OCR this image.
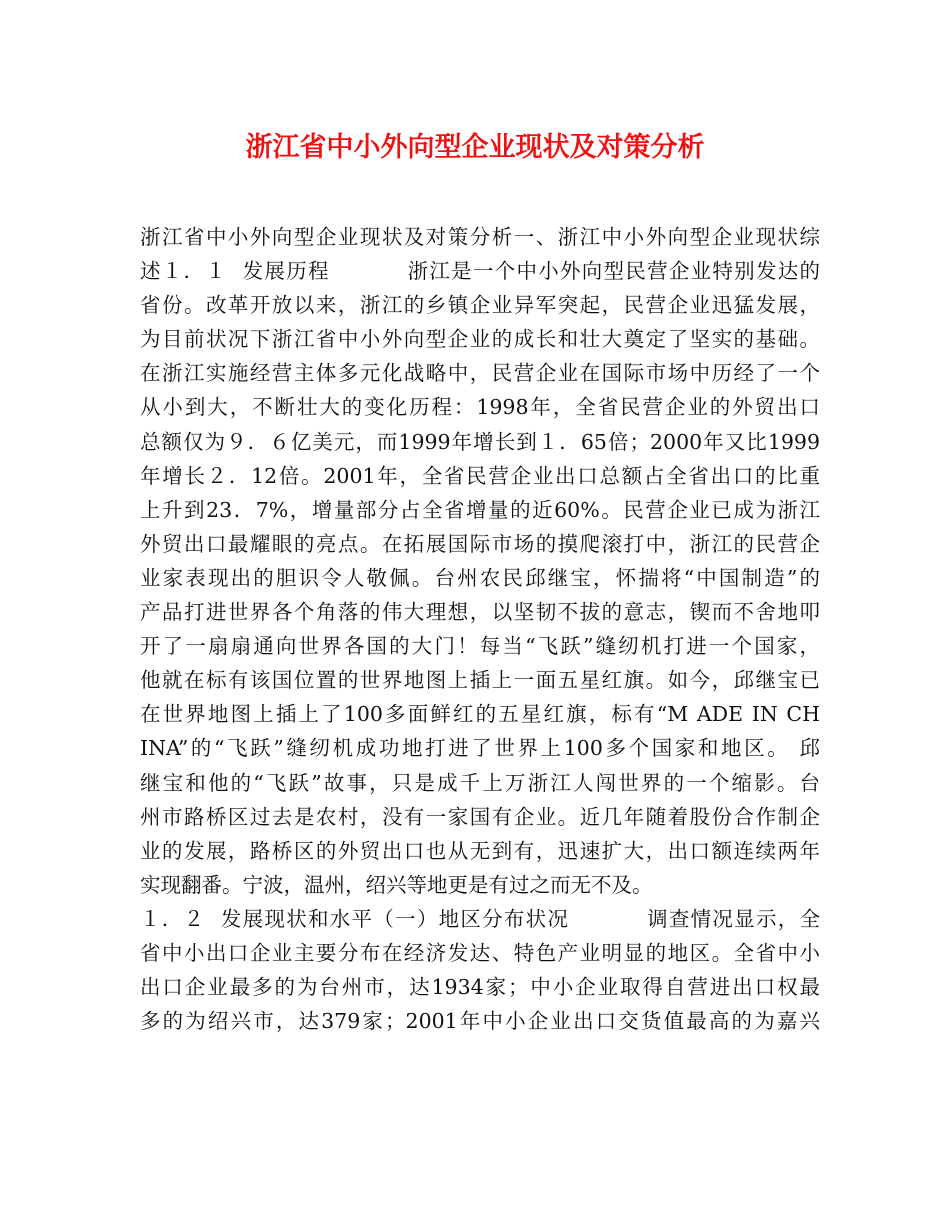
浙江省中小外向型企业现状及对策分析
浙江省中小外向型企业现状及对策分析一、浙江中小外向型企业现状综
述１．１  发展历程          浙江是一个中小外向型民营企业特别发达的
省份。改革开放以来，浙江的乡镇企业异军突起，民营企业迅猛发展，
为目前状况下浙江省中小外向型企业的成长和壮大奠定了坚实的基础。
在浙江实施经营主体多元化战略中，民营企业在国际市场中历经了一个
从小到大，不断壮大的变化历程：1998年，全省民营企业的外贸出口
总额仅为９．６亿美元，而1999年增长到１．65倍；2000年又比1999
年增长２．12倍。2001年，全省民营企业出口总额占全省出口的比重
上升到23．7%，增量部分占全省增量的近60%。民营企业已成为浙江
外贸出口最耀眼的亮点。在拓展国际市场的摸爬滚打中，浙江的民营企
业家表现出的胆识令人敬佩。台州农民邱继宝，怀揣将“中国制造”的
产品打进世界各个角落的伟大理想，以坚韧不拔的意志，锲而不舍地叩
开了一扇扇通向世界各国的大门！每当“飞跃”缝纫机打进一个国家，
他就在标有该国位置的世界地图上插上一面五星红旗。如今，邱继宝已
在世界地图上插上了100多面鲜红的五星红旗，标有“M ADE IN CH
INA”的“飞跃”缝纫机成功地打进了世界上100多个国家和地区。 邱
继宝和他的“飞跃”故事，只是成千上万浙江人闯世界的一个缩影。台
州市路桥区过去是农村，没有一家国有企业。近几年随着股份合作制企
业的发展，路桥区的外贸出口也从无到有，迅速扩大，出口额连续两年
实现翻番。宁波，温州，绍兴等地更是有过之而无不及。
１．２  发展现状和水平（一）地区分布状况          调查情况显示，全
省中小出口企业主要分布在经济发达、特色产业明显的地区。全省中小
出口企业最多的为台州市，达1934家；中小企业取得自营进出口权最
多的为绍兴市，达379家；2001年中小企业出口交货值最高的为嘉兴
